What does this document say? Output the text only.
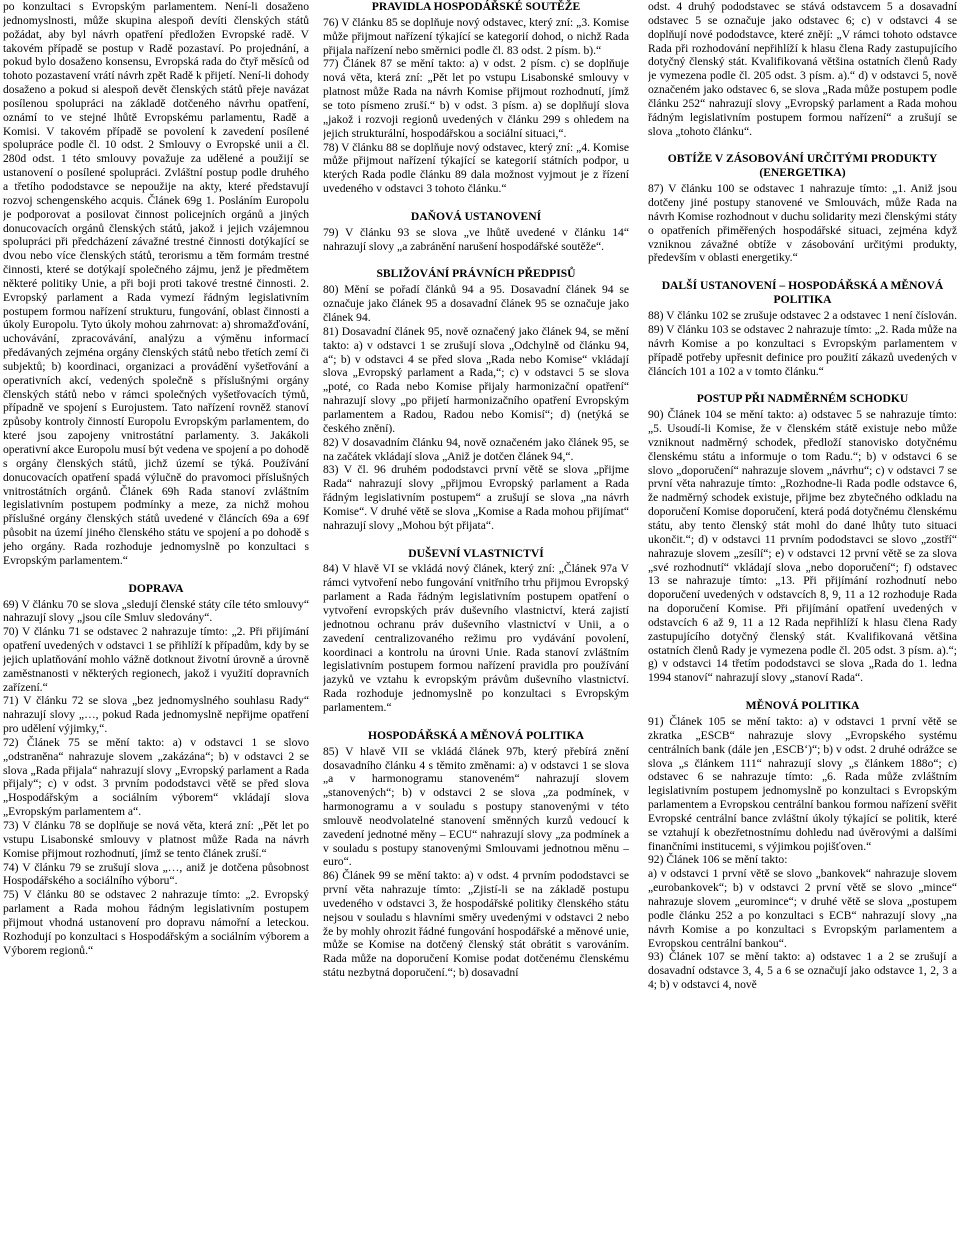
po konzultaci s Evropským parlamentem. Není-li dosaženo jednomyslnosti, může skupina alespoň devíti členských států požádat, aby byl návrh opatření předložen Evropské radě. V takovém případě se postup v Radě pozastaví. Po projednání, a pokud bylo dosaženo konsensu, Evropská rada do čtyř měsíců od tohoto pozastavení vrátí návrh zpět Radě k přijetí. Není-li dohody dosaženo a pokud si alespoň devět členských států přeje navázat posílenou spolupráci na základě dotčeného návrhu opatření, oznámí to ve stejné lhůtě Evropskému parlamentu, Radě a Komisi. V takovém případě se povolení k zavedení posílené spolupráce podle čl. 10 odst. 2 Smlouvy o Evropské unii a čl. 280d odst. 1 této smlouvy považuje za udělené a použijí se ustanovení o posílené spolupráci. Zvláštní postup podle druhého a třetího pododstavce se nepoužije na akty, které představují rozvoj schengenského acquis. Článek 69g 1. Posláním Europolu je podporovat a posilovat činnost policejních orgánů a jiných donucovacích orgánů členských států, jakož i jejich vzájemnou spolupráci při předcházení závažné trestné činnosti dotýkající se dvou nebo více členských států, terorismu a těm formám trestné činnosti, které se dotýkají společného zájmu, jenž je předmětem některé politiky Unie, a při boji proti takové trestné činnosti. 2. Evropský parlament a Rada vymezí řádným legislativním postupem formou nařízení strukturu, fungování, oblast činnosti a úkoly Europolu. Tyto úkoly mohou zahrnovat: a) shromažďování, uchovávání, zpracovávání, analýzu a výměnu informací předávaných zejména orgány členských států nebo třetích zemí či subjektů; b) koordinaci, organizaci a provádění vyšetřování a operativních akcí, vedených společně s příslušnými orgány členských států nebo v rámci společných vyšetřovacích týmů, případně ve spojení s Eurojustem. Tato nařízení rovněž stanoví způsoby kontroly činností Europolu Evropským parlamentem, do které jsou zapojeny vnitrostátní parlamenty. 3. Jakákoli operativní akce Europolu musí být vedena ve spojení a po dohodě s orgány členských států, jichž území se týká. Používání donucovacích opatření spadá výlučně do pravomoci příslušných vnitrostátních orgánů. Článek 69h Rada stanoví zvláštním legislativním postupem podmínky a meze, za nichž mohou příslušné orgány členských států uvedené v článcích 69a a 69f působit na území jiného členského státu ve spojení a po dohodě s jeho orgány. Rada rozhoduje jednomyslně po konzultaci s Evropským parlamentem.“

DOPRAVA

69) V článku 70 se slova „sledují členské státy cíle této smlouvy“ nahrazují slovy „jsou cíle Smluv sledovány“.

70) V článku 71 se odstavec 2 nahrazuje tímto: „2. Při přijímání opatření uvedených v odstavci 1 se přihlíží k případům, kdy by se jejich uplatňování mohlo vážně dotknout životní úrovně a úrovně zaměstnanosti v některých regionech, jakož i využití dopravních zařízení.“

71) V článku 72 se slova „bez jednomyslného souhlasu Rady“ nahrazují slovy „…, pokud Rada jednomyslně nepřijme opatření pro udělení výjimky,“.

72) Článek 75 se mění takto: a) v odstavci 1 se slovo „odstraněna“ nahrazuje slovem „zakázána“; b) v odstavci 2 se slova „Rada přijala“ nahrazují slovy „Evropský parlament a Rada přijaly“; c) v odst. 3 prvním pododstavci větě se před slova „Hospodářským a sociálním výborem“ vkládají slova „Evropským parlamentem a“.

73) V článku 78 se doplňuje se nová věta, která zní: „Pět let po vstupu Lisabonské smlouvy v platnost může Rada na návrh Komise přijmout rozhodnutí, jímž se tento článek zruší.“

74) V článku 79 se zrušují slova „…, aniž je dotčena působnost Hospodářského a sociálního výboru“.

75) V článku 80 se odstavec 2 nahrazuje tímto: „2. Evropský parlament a Rada mohou řádným legislativním postupem přijmout vhodná ustanovení pro dopravu námořní a leteckou. Rozhodují po konzultaci s Hospodářským a sociálním výborem a Výborem regionů.“

PRAVIDLA HOSPODÁŘSKÉ SOUTĚŽE

76) V článku 85 se doplňuje nový odstavec, který zní: „3. Komise může přijmout nařízení týkající se kategorií dohod, o nichž Rada přijala nařízení nebo směrnici podle čl. 83 odst. 2 písm. b).“

77) Článek 87 se mění takto: a) v odst. 2 písm. c) se doplňuje nová věta, která zní: „Pět let po vstupu Lisabonské smlouvy v platnost může Rada na návrh Komise přijmout rozhodnutí, jímž se toto písmeno zruší.“ b) v odst. 3 písm. a) se doplňují slova „jakož i rozvoji regionů uvedených v článku 299 s ohledem na jejich strukturální, hospodářskou a sociální situaci,“.

78) V článku 88 se doplňuje nový odstavec, který zní: „4. Komise může přijmout nařízení týkající se kategorií státních podpor, u kterých Rada podle článku 89 dala možnost vyjmout je z řízení uvedeného v odstavci 3 tohoto článku.“

DAŇOVÁ USTANOVENÍ

79) V článku 93 se slova „ve lhůtě uvedené v článku 14“ nahrazují slovy „a zabránění narušení hospodářské soutěže“.

SBLIŽOVÁNÍ PRÁVNÍCH PŘEDPISŮ

80) Mění se pořadí článků 94 a 95. Dosavadní článek 94 se označuje jako článek 95 a dosavadní článek 95 se označuje jako článek 94.

81) Dosavadní článek 95, nově označený jako článek 94, se mění takto: a) v odstavci 1 se zrušují slova „Odchylně od článku 94, a“; b) v odstavci 4 se před slova „Rada nebo Komise“ vkládají slova „Evropský parlament a Rada,“; c) v odstavci 5 se slova „poté, co Rada nebo Komise přijaly harmonizační opatření“ nahrazují slovy „po přijetí harmonizačního opatření Evropským parlamentem a Radou, Radou nebo Komisí“; d) (netýká se českého znění).

82) V dosavadním článku 94, nově označeném jako článek 95, se na začátek vkládají slova „Aniž je dotčen článek 94,“.

83) V čl. 96 druhém pododstavci první větě se slova „přijme Rada“ nahrazují slovy „přijmou Evropský parlament a Rada řádným legislativním postupem“ a zrušují se slova „na návrh Komise“. V druhé větě se slova „Komise a Rada mohou přijímat“ nahrazují slovy „Mohou být přijata“.

DUŠEVNÍ VLASTNICTVÍ

84) V hlavě VI se vkládá nový článek, který zní: „Článek 97a V rámci vytvoření nebo fungování vnitřního trhu přijmou Evropský parlament a Rada řádným legislativním postupem opatření o vytvoření evropských práv duševního vlastnictví, která zajistí jednotnou ochranu práv duševního vlastnictví v Unii, a o zavedení centralizovaného režimu pro vydávání povolení, koordinaci a kontrolu na úrovni Unie. Rada stanoví zvláštním legislativním postupem formou nařízení pravidla pro používání jazyků ve vztahu k evropským právům duševního vlastnictví. Rada rozhoduje jednomyslně po konzultaci s Evropským parlamentem.“

HOSPODÁŘSKÁ A MĚNOVÁ POLITIKA

85) V hlavě VII se vkládá článek 97b, který přebírá znění dosavadního článku 4 s těmito změnami: a) v odstavci 1 se slova „a v harmonogramu stanoveném“ nahrazují slovem „stanovených“; b) v odstavci 2 se slova „za podmínek, v harmonogramu a v souladu s postupy stanovenými v této smlouvě neodvolatelné stanovení směnných kurzů vedoucí k zavedení jednotné měny – ECU“ nahrazují slovy „za podmínek a v souladu s postupy stanovenými Smlouvami jednotnou měnu – euro“.

86) Článek 99 se mění takto: a) v odst. 4 prvním pododstavci se první věta nahrazuje tímto: „Zjistí-li se na základě postupu uvedeného v odstavci 3, že hospodářské politiky členského státu nejsou v souladu s hlavními směry uvedenými v odstavci 2 nebo že by mohly ohrozit řádné fungování hospodářské a měnové unie, může se Komise na dotčený členský stát obrátit s varováním. Rada může na doporučení Komise podat dotčenému členskému státu nezbytná doporučení.“; b) dosavadní

odst. 4 druhý pododstavec se stává odstavcem 5 a dosavadní odstavec 5 se označuje jako odstavec 6; c) v odstavci 4 se doplňují nové pododstavce, které znějí: „V rámci tohoto odstavce Rada při rozhodování nepřihlíží k hlasu člena Rady zastupujícího dotyčný členský stát. Kvalifikovaná většina ostatních členů Rady je vymezena podle čl. 205 odst. 3 písm. a).“ d) v odstavci 5, nově označeném jako odstavec 6, se slova „Rada může postupem podle článku 252“ nahrazují slovy „Evropský parlament a Rada mohou řádným legislativním postupem formou nařízení“ a zrušují se slova „tohoto článku“.

OBTÍŽE V ZÁSOBOVÁNÍ URČITÝMI PRODUKTY (ENERGETIKA)

87) V článku 100 se odstavec 1 nahrazuje tímto: „1. Aniž jsou dotčeny jiné postupy stanovené ve Smlouvách, může Rada na návrh Komise rozhodnout v duchu solidarity mezi členskými státy o opatřeních přiměřených hospodářské situaci, zejména když vzniknou závažné obtíže v zásobování určitými produkty, především v oblasti energetiky.“

DALŠÍ USTANOVENÍ – HOSPODÁŘSKÁ A MĚNOVÁ POLITIKA

88) V článku 102 se zrušuje odstavec 2 a odstavec 1 není číslován.

89) V článku 103 se odstavec 2 nahrazuje tímto: „2. Rada může na návrh Komise a po konzultaci s Evropským parlamentem v případě potřeby upřesnit definice pro použití zákazů uvedených v článcích 101 a 102 a v tomto článku.“

POSTUP PŘI NADMĚRNÉM SCHODKU

90) Článek 104 se mění takto: a) odstavec 5 se nahrazuje tímto: „5. Usoudí-li Komise, že v členském státě existuje nebo může vzniknout nadměrný schodek, předloží stanovisko dotyčnému členskému státu a informuje o tom Radu.“; b) v odstavci 6 se slovo „doporučení“ nahrazuje slovem „návrhu“; c) v odstavci 7 se první věta nahrazuje tímto: „Rozhodne-li Rada podle odstavce 6, že nadměrný schodek existuje, přijme bez zbytečného odkladu na doporučení Komise doporučení, která podá dotyčnému členskému státu, aby tento členský stát mohl do dané lhůty tuto situaci ukončit.“; d) v odstavci 11 prvním pododstavci se slovo „zostří“ nahrazuje slovem „zesílí“; e) v odstavci 12 první větě se za slova „své rozhodnutí“ vkládají slova „nebo doporučení“; f) odstavec 13 se nahrazuje tímto: „13. Při přijímání rozhodnutí nebo doporučení uvedených v odstavcích 8, 9, 11 a 12 rozhoduje Rada na doporučení Komise. Při přijímání opatření uvedených v odstavcích 6 až 9, 11 a 12 Rada nepřihlíží k hlasu člena Rady zastupujícího dotyčný členský stát. Kvalifikovaná většina ostatních členů Rady je vymezena podle čl. 205 odst. 3 písm. a).“; g) v odstavci 14 třetím pododstavci se slova „Rada do 1. ledna 1994 stanoví“ nahrazují slovy „stanoví Rada“.

MĚNOVÁ POLITIKA

91) Článek 105 se mění takto: a) v odstavci 1 první větě se zkratka „ESCB“ nahrazuje slovy „Evropského systému centrálních bank (dále jen ‚ESCB‘)“; b) v odst. 2 druhé odrážce se slova „s článkem 111“ nahrazují slovy „s článkem 188o“; c) odstavec 6 se nahrazuje tímto: „6. Rada může zvláštním legislativním postupem jednomyslně po konzultaci s Evropským parlamentem a Evropskou centrální bankou formou nařízení svěřit Evropské centrální bance zvláštní úkoly týkající se politik, které se vztahují k obezřetnostnímu dohledu nad úvěrovými a dalšími finančními institucemi, s výjimkou pojišťoven.“

92) Článek 106 se mění takto:

a) v odstavci 1 první větě se slovo „bankovek“ nahrazuje slovem „eurobankovek“; b) v odstavci 2 první větě se slovo „mince“ nahrazuje slovem „euromince“; v druhé větě se slova „postupem podle článku 252 a po konzultaci s ECB“ nahrazují slovy „na návrh Komise a po konzultaci s Evropským parlamentem a Evropskou centrální bankou“.

93) Článek 107 se mění takto: a) odstavec 1 a 2 se zrušují a dosavadní odstavce 3, 4, 5 a 6 se označují jako odstavce 1, 2, 3 a 4; b) v odstavci 4, nově
